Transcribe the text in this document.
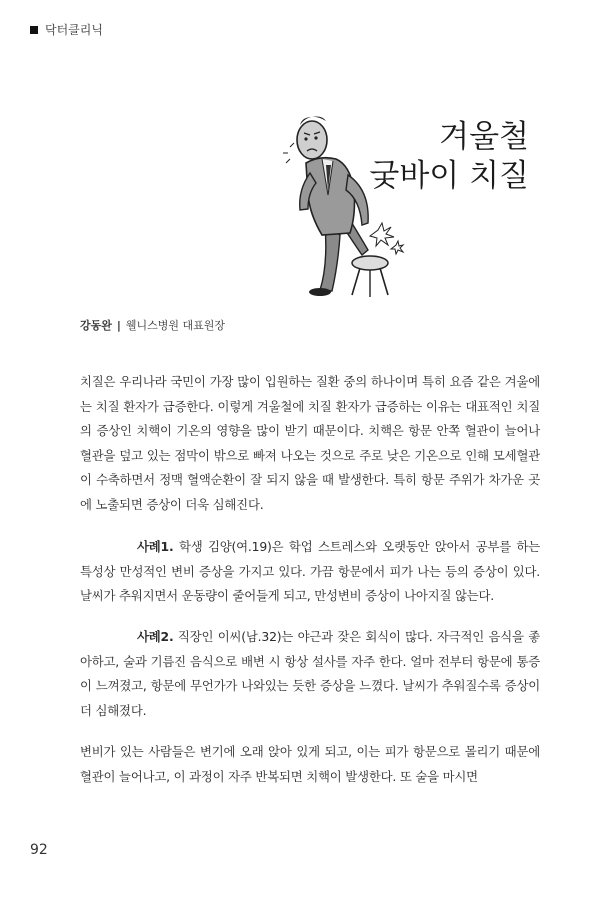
닥터클리닉
겨울철
궂바이 치질
강동완 | 웰니스병원 대표원장

치질은 우리나라 국민이 가장 많이 입원하는 질환 중의 하나이며 특히 요즘 같은 겨울에는 치질 환자가 급증한다. 이렇게 겨울철에 치질 환자가 급증하는 이유는 대표적인 치질의 증상인 치핵이 기온의 영향을 많이 받기 때문이다. 치핵은 항문 안쪽 혈관이 늘어나 혈관을 덮고 있는 점막이 밖으로 빠져 나오는 것으로 주로 낮은 기온으로 인해 모세혈관이 수축하면서 정맥 혈액순환이 잘 되지 않을 때 발생한다. 특히 항문 주위가 차가운 곳에 노출되면 증상이 더욱 심해진다.

사례1. 학생 김양(여.19)은 학업 스트레스와 오랫동안 앉아서 공부를 하는 특성상 만성적인 변비 증상을 가지고 있다. 가끔 항문에서 피가 나는 등의 증상이 있다. 날씨가 추워지면서 운동량이 줄어들게 되고, 만성변비 증상이 나아지질 않는다.

사례2. 직장인 이씨(남.32)는 야근과 잦은 회식이 많다. 자극적인 음식을 좋아하고, 술과 기름진 음식으로 배변 시 항상 설사를 자주 한다. 얼마 전부터 항문에 통증이 느껴졌고, 항문에 무언가가 나와있는 듯한 증상을 느꼈다. 날씨가 추워질수록 증상이 더 심해졌다.

변비가 있는 사람들은 변기에 오래 앉아 있게 되고, 이는 피가 항문으로 몰리기 때문에 혈관이 늘어나고, 이 과정이 자주 반복되면 치핵이 발생한다. 또 술을 마시면

92
